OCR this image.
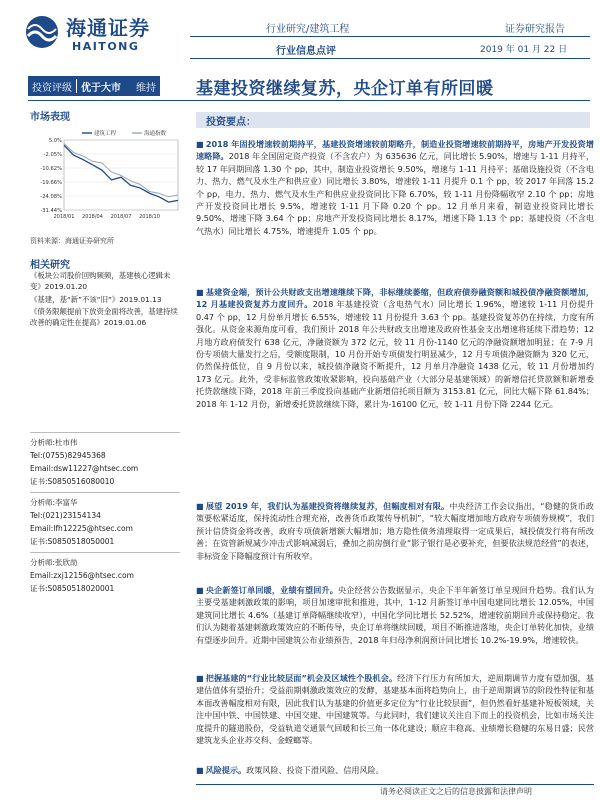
海通证券
HAITONG
行业研究/建筑工程
行业信息点评
证券研究报告
2019 年 01 月 22 日
投资评级 优于大市	维持 基建投资继续复苏，央企订单有所回暖
市场表现
5.0%
-2.05%
-10.62%
-19.66%
-24.08%
-31.44%
2018/01 2018/04 2018/07 2018/10
建筑工程	海通指数
资料来源：海通证券研究所
相关研究
《板块公司股价回购频频，基建核心逻辑未变》2019.01.20
《基建，基“新”不该“旧”》2019.01.13
《债务限额提前下放资金面将改善，基建持续改善的确定性在提高》2019.01.06
分析师:杜市伟
Tel:(0755)82945368
Email:dsw11227@htsec.com
证书:S0850516080010
分析师:李富华
Tel:(021)23154134
Email:lfh12225@htsec.com
证书:S0850518050001
分析师:张欣劼
Email:zxj12156@htsec.com
证书:S0850518020001
投资要点：
■ 2018 年固投增速较前期持平，基建投资增速较前期略升，制造业投资增速较前期持平，房地产开发投资增速略降。2018 年全国固定资产投资（不含农户）为 635636 亿元，同比增长 5.90%，增速与 1-11 月持平，较 17 年同期回落 1.30 个 pp，其中，制造业投资增长 9.50%，增速与 1-11 月持平；基础设施投资（不含电力、热力、燃气及水生产和供应业）同比增长 3.80%，增速较 1-11 月提升 0.1 个 pp，较 2017 年回落 15.2 个 pp，电力、热力、燃气及水生产和供应业投资同比下降 6.70%，较 1-11 月份降幅收窄 2.10 个 pp；房地产开发投资同比增长 9.5%，增速较 1-11 月下降 0.20 个 pp。12 月单月来看，制造业投资同比增长 9.50%，增速下降 3.64 个 pp；房地产开发投资同比增长 8.17%，增速下降 1.13 个 pp；基建投资（不含电气热水）同比增长 4.75%，增速提升 1.05 个 pp。
■ 基建资金端，预计公共财政支出增速继续下降，非标继续萎缩，但政府债券融资额和城投债净融资额增加，12 月基建投资复苏力度回升。2018 年基建投资（含电热气水）同比增长 1.96%，增速较 1-11 月份提升 0.47 个 pp，12 月份单月增长 6.55%，增速较 11 月份提升 3.63 个 pp。基建投资复苏仍在持续，力度有所强化。从资金来源角度可看，我们预计 2018 年公共财政支出增速及政府性基金支出增速将延续下滑趋势；12 月地方政府债发行 638 亿元，净融资额为 372 亿元，较 11 月份-1140 亿元的净融资额增加明显；在 7-9 月份专项债大量发行之后，受额度限制，10 月份开始专项债发行明显减少，12 月专项债净融资额为 320 亿元，仍然保持低位，自 9 月份以来，城投债净融资不断提升，12 月单月净融资 1438 亿元，较 11 月份增加约 173 亿元。此外，受非标监管政策收紧影响，投向基础产业（大部分是基建领域）的新增信托贷款额和新增委托贷款继续下降，2018 年前三季度投向基础产业新增信托项目额为 3153.81 亿元，同比大幅下降 61.84%；2018 年 1-12 月份，新增委托贷款继续下降，累计为-16100 亿元，较 1-11 月份下降 2244 亿元。
■ 展望 2019 年，我们认为基建投资将继续复苏，但幅度相对有限。中央经济工作会议指出，“稳健的货币政策要松紧适度，保持流动性合理充裕，改善货币政策传导机制”，“较大幅度增加地方政府专项债券规模”，我们预计信贷资金将改善，政府专项债新增额大幅增加；地方隐性债务清理取得一定成果后，城投债发行将有所改善；在资管新规减少冲击式影响减弱后，叠加之前房倒行业“影子银行是必要补充，但要依法规范经营”的表述，非标资金下降幅度预计有所收窄。
■ 央企新签订单回暖，业绩有望回升。央企经营公告数据显示，央企下半年新签订单呈现回升趋势。我们认为主要受基建刺激政策的影响，项目加速审批和推进，其中，1-12 月新签订单中国电建同比增长 12.05%，中国建筑同比增长 4.6%（基建订单降幅继续收窄），中国化学同比增长 52.52%，增速较前期回升或保持稳定。我们认为随着基建刺激政策效应的不断传导，央企订单将继续回暖，项目不断推进落地，央企订单转化加快，业绩有望逐步回升。近期中国建筑公布业绩预告，2018 年归母净利润预计同比增长 10.2%-19.9%，增速较快。
■ 把握基建的“行业比较层面”机会及区域性个股机会。经济下行压力有所加大，逆周期调节力度有望加强，基建估值体有望抬升；受益前期刺激政策效应的发酵，基建基本面将趋势向上，由于逆周期调节的阶段性特征和基本面改善幅度相对有限，因此我们认为基建的价值更多定位为“行业比较层面”，但仍然看好基建补短板领域，关注中国中铁、中国铁建、中国交建、中国建筑等。与此同时，我们建议关注自下而上的投资机会，比如市场关注度提升的隧道股份，受益轨道交通景气回暖和长三角一体化建设；顺应丰稳高、业绩增长稳健的东易日盛；民营建筑龙头企业苏交科、金螳螂等。
■ 风险提示。政策风险、投资下滑风险、信用风险。
请务必阅读正文之后的信息披露和法律声明
